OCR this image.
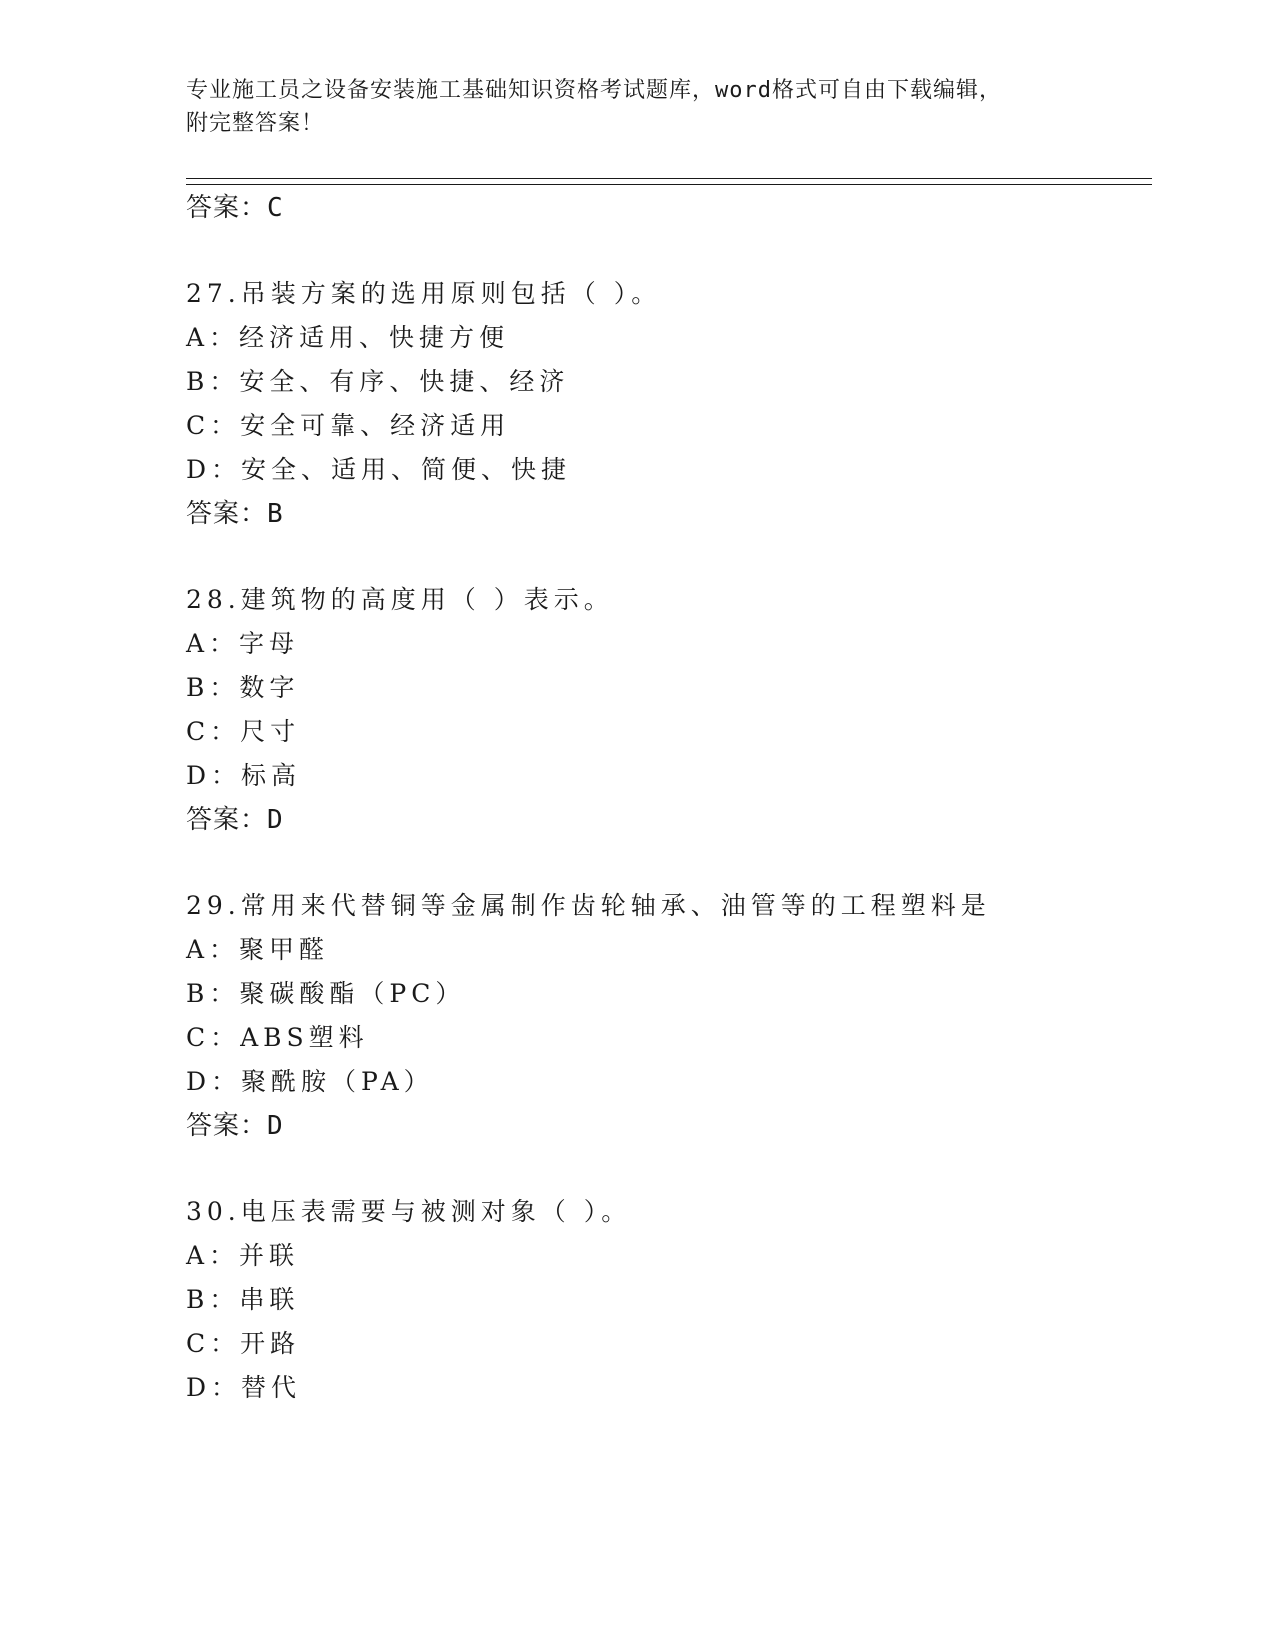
专业施工员之设备安装施工基础知识资格考试题库，word格式可自由下载编辑，
附完整答案！
答案：C
27.吊装方案的选用原则包括（ ）。
A：经济适用、快捷方便
B：安全、有序、快捷、经济
C：安全可靠、经济适用
D：安全、适用、简便、快捷
答案：B
28.建筑物的高度用（ ）表示。
A：字母
B：数字
C：尺寸
D：标高
答案：D
29.常用来代替铜等金属制作齿轮轴承、油管等的工程塑料是
A：聚甲醛
B：聚碳酸酯（PC）
C：ABS塑料
D：聚酰胺（PA）
答案：D
30.电压表需要与被测对象（ ）。
A：并联
B：串联
C：开路
D：替代
